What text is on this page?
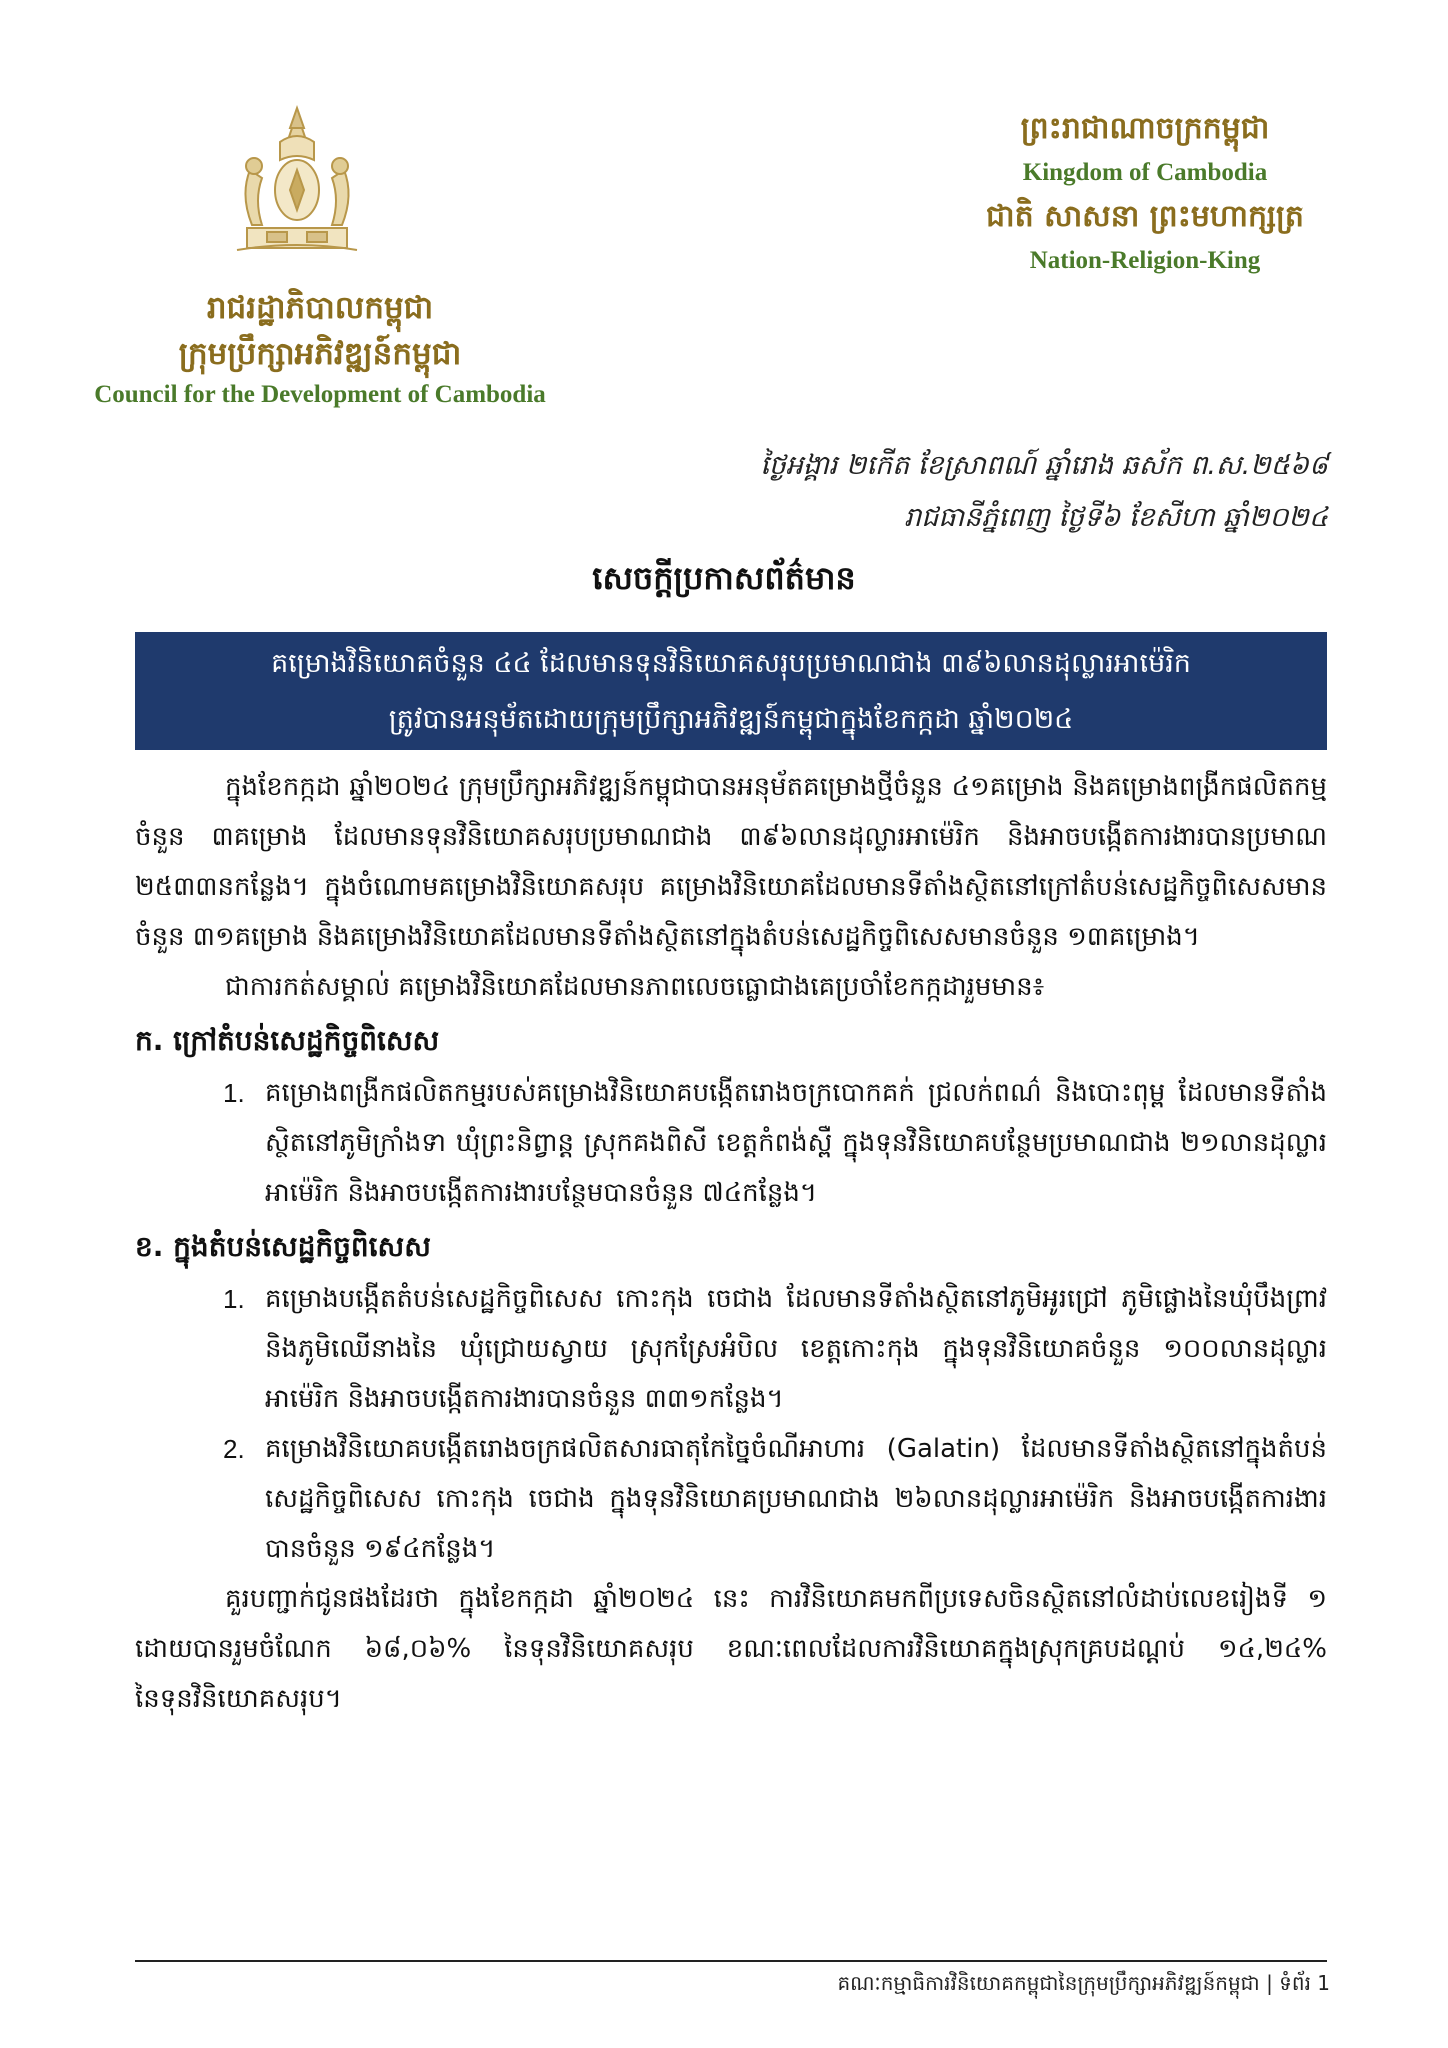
រាជរដ្ឋាភិបាលកម្ពុជា
ក្រុមប្រឹក្សាអភិវឌ្ឍន៍កម្ពុជា
Council for the Development of Cambodia
ព្រះរាជាណាចក្រកម្ពុជា
Kingdom of Cambodia
ជាតិ សាសនា ព្រះមហាក្សត្រ
Nation-Religion-King
ថ្ងៃអង្គារ ២កើត ខែស្រាពណ៍ ឆ្នាំរោង ឆស័ក ព.ស.២៥៦៨
រាជធានីភ្នំពេញ ថ្ងៃទី៦ ខែសីហា ឆ្នាំ២០២៤
សេចក្តីប្រកាសព័ត៌មាន
គម្រោងវិនិយោគចំនួន ៤៤ ដែលមានទុនវិនិយោគសរុបប្រមាណជាង ៣៩៦លានដុល្លារអាម៉េរិក
ត្រូវបានអនុម័តដោយក្រុមប្រឹក្សាអភិវឌ្ឍន៍កម្ពុជាក្នុងខែកក្កដា ឆ្នាំ២០២៤

ក្នុងខែកក្កដា ឆ្នាំ២០២៤ ក្រុមប្រឹក្សាអភិវឌ្ឍន៍កម្ពុជាបានអនុម័តគម្រោងថ្មីចំនួន ៤១គម្រោង និងគម្រោងពង្រីកផលិតកម្មចំនួន ៣គម្រោង ដែលមានទុនវិនិយោគសរុបប្រមាណជាង ៣៩៦លានដុល្លារអាម៉េរិក និងអាចបង្កើតការងារបានប្រមាណ ២៥៣៣នកន្លែង។ ក្នុងចំណោមគម្រោងវិនិយោគសរុប គម្រោងវិនិយោគដែលមានទីតាំងស្ថិតនៅក្រៅតំបន់សេដ្ឋកិច្ចពិសេសមានចំនួន ៣១គម្រោង និងគម្រោងវិនិយោគដែលមានទីតាំងស្ថិតនៅក្នុងតំបន់សេដ្ឋកិច្ចពិសេសមានចំនួន ១៣គម្រោង។

ជាការកត់សម្គាល់ គម្រោងវិនិយោគដែលមានភាពលេចធ្លោជាងគេប្រចាំខែកក្កដារួមមាន៖

ក. ក្រៅតំបន់សេដ្ឋកិច្ចពិសេស
1. គម្រោងពង្រីកផលិតកម្មរបស់គម្រោងវិនិយោគបង្កើតរោងចក្របោកគក់ ជ្រលក់ពណ៌ និងបោះពុម្ព ដែលមានទីតាំងស្ថិតនៅភូមិក្រាំងទា ឃុំព្រះនិព្វាន្ត ស្រុកគងពិសី ខេត្តកំពង់ស្ពឺ ក្នុងទុនវិនិយោគបន្ថែមប្រមាណជាង ២១លានដុល្លារអាម៉េរិក និងអាចបង្កើតការងារបន្ថែមបានចំនួន ៧៤កន្លែង។
ខ. ក្នុងតំបន់សេដ្ឋកិច្ចពិសេស
1. គម្រោងបង្កើតតំបន់សេដ្ឋកិច្ចពិសេស កោះកុង ចេជាង ដែលមានទីតាំងស្ថិតនៅភូមិអូរជ្រៅ ភូមិផ្លោងនៃឃុំបឹងព្រាវ និងភូមិឈើនាងនៃ ឃុំជ្រោយស្វាយ ស្រុកស្រែអំបិល ខេត្តកោះកុង ក្នុងទុនវិនិយោគចំនួន ១០០លានដុល្លារអាម៉េរិក និងអាចបង្កើតការងារបានចំនួន ៣៣១កន្លែង។
2. គម្រោងវិនិយោគបង្កើតរោងចក្រផលិតសារធាតុកែច្នៃចំណីអាហារ (Galatin) ដែលមានទីតាំងស្ថិតនៅក្នុងតំបន់សេដ្ឋកិច្ចពិសេស កោះកុង ចេជាង ក្នុងទុនវិនិយោគប្រមាណជាង ២៦លានដុល្លារអាម៉េរិក និងអាចបង្កើតការងារបានចំនួន ១៩៤កន្លែង។

គួរបញ្ជាក់ជូនផងដែរថា ក្នុងខែកក្កដា ឆ្នាំ២០២៤ នេះ ការវិនិយោគមកពីប្រទេសចិនស្ថិតនៅលំដាប់លេខរៀងទី ១ ដោយបានរួមចំណែក ៦៨,០៦% នៃទុនវិនិយោគសរុប ខណៈពេលដែលការវិនិយោគក្នុងស្រុកគ្របដណ្តប់ ១៤,២៤% នៃទុនវិនិយោគសរុប។

គណៈកម្មាធិការវិនិយោគកម្ពុជានៃក្រុមប្រឹក្សាអភិវឌ្ឍន៍កម្ពុជា | ទំព័រ 1
